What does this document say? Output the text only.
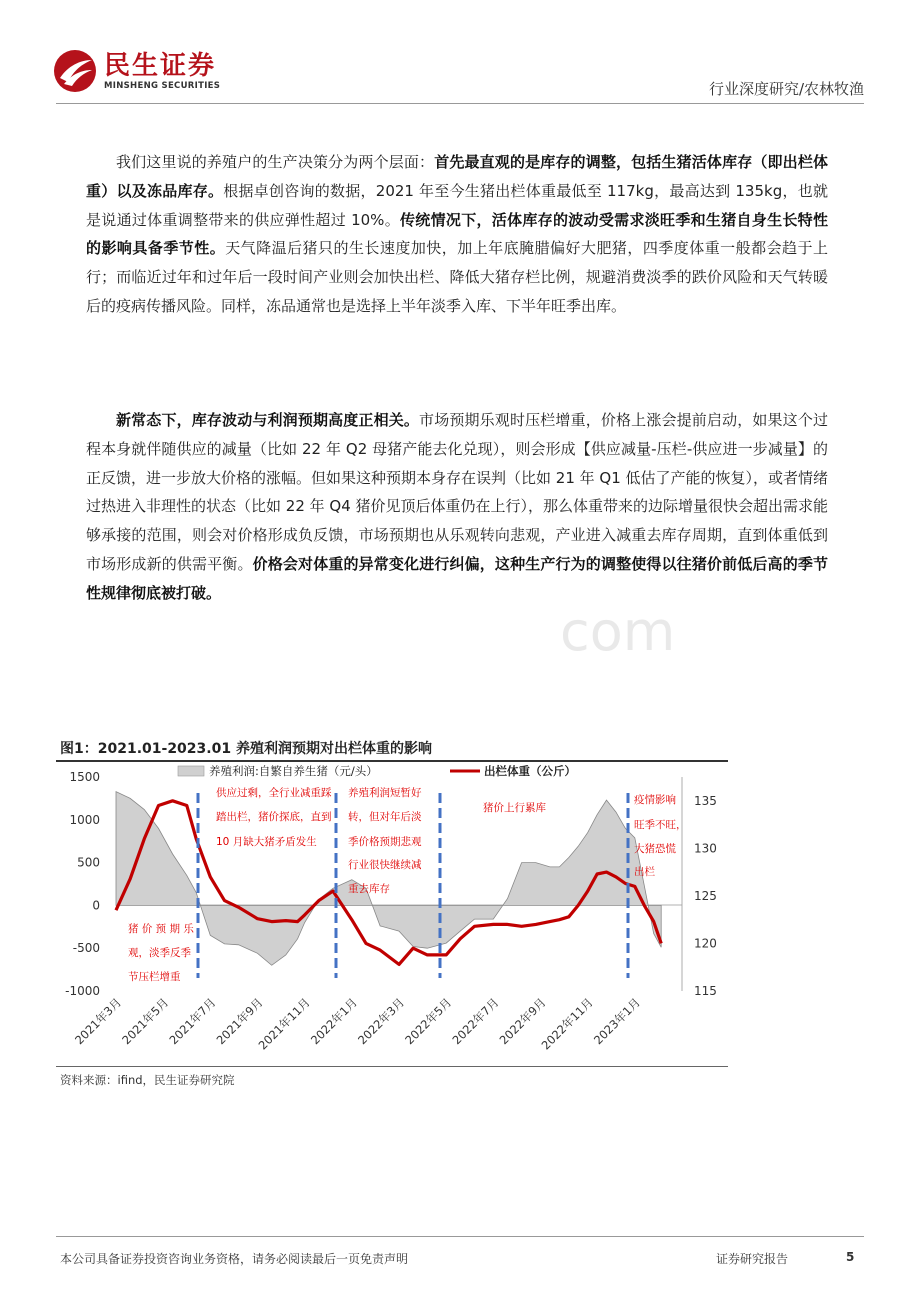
民生证券
MINSHENG SECURITIES	行业深度研究/农林牧渔

我们这里说的养殖户的生产决策分为两个层面：首先最直观的是库存的调整，包括生猪活体库存（即出栏体重）以及冻品库存。根据卓创咨询的数据，2021 年至今生猪出栏体重最低至 117kg，最高达到 135kg，也就是说通过体重调整带来的供应弹性超过 10%。传统情况下，活体库存的波动受需求淡旺季和生猪自身生长特性的影响具备季节性。天气降温后猪只的生长速度加快，加上年底腌腊偏好大肥猪，四季度体重一般都会趋于上行；而临近过年和过年后一段时间产业则会加快出栏、降低大猪存栏比例，规避消费淡季的跌价风险和天气转暖后的疫病传播风险。同样，冻品通常也是选择上半年淡季入库、下半年旺季出库。

新常态下，库存波动与利润预期高度正相关。市场预期乐观时压栏增重，价格上涨会提前启动，如果这个过程本身就伴随供应的减量（比如 22 年 Q2 母猪产能去化兑现），则会形成【供应减量-压栏-供应进一步减量】的正反馈，进一步放大价格的涨幅。但如果这种预期本身存在误判（比如 21 年 Q1 低估了产能的恢复），或者情绪过热进入非理性的状态（比如 22 年 Q4 猪价见顶后体重仍在上行），那么体重带来的边际增量很快会超出需求能够承接的范围，则会对价格形成负反馈，市场预期也从乐观转向悲观，产业进入减重去库存周期，直到体重低到市场形成新的供需平衡。价格会对体重的异常变化进行纠偏，这种生产行为的调整使得以往猪价前低后高的季节性规律彻底被打破。

com
图1：2021.01-2023.01 养殖利润预期对出栏体重的影响
养殖利润:自繁自养生猪（元/头）	出栏体重（公斤）
1500
1000
500
0
-500
-1000
135
130
125
120
115
2021年3月
2021年5月
2021年7月
2021年9月
2021年11月
2022年1月
2022年3月
2022年5月
2022年7月
2022年9月
2022年11月
2023年1月
供应过剩，全行业减重踩 踏出栏，猪价探底，直到 10 月缺大猪矛盾发生
养殖利润短暂好 转，但对年后淡 季价格预期悲观 行业很快继续减 重去库存
猪价上行累库
疫情影响 旺季不旺， 大猪恐慌 出栏
猪 价 预 期 乐 观，淡季反季 节压栏增重
资料来源：ifind，民生证券研究院
本公司具备证券投资咨询业务资格，请务必阅读最后一页免责声明	证券研究报告	5
